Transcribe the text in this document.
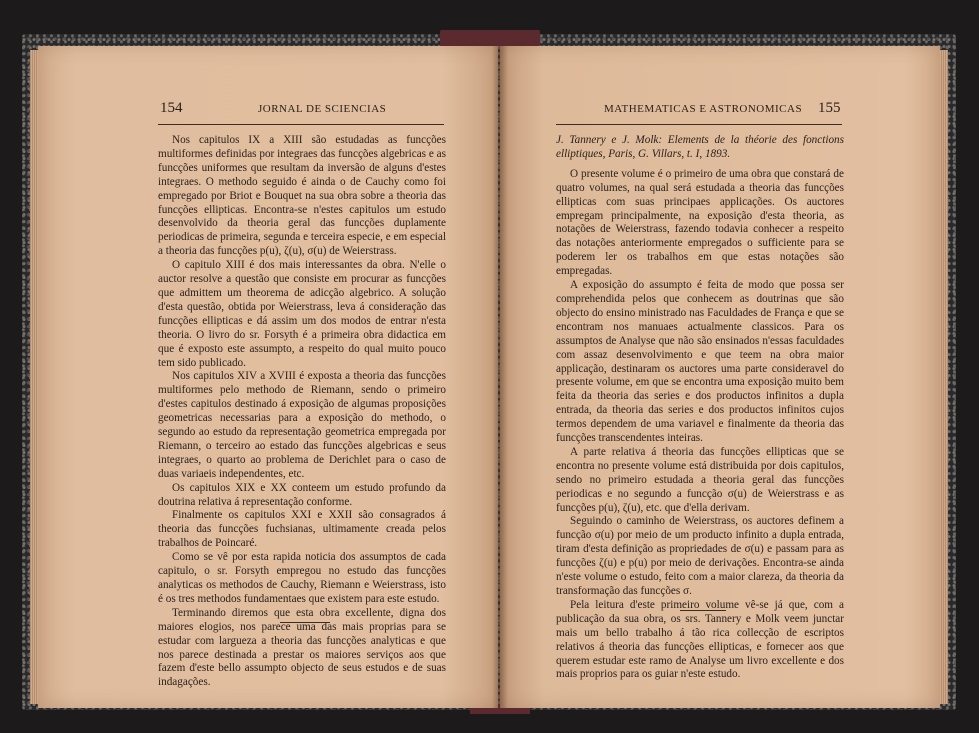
154	JORNAL DE SCIENCIAS	MATHEMATICAS E ASTRONOMICAS 155

Nos capitulos IX a XIII são estudadas as funcções multiformes definidas por integraes das funcções algebricas e as funcções uniformes que resultam da inversão de alguns d'estes integraes. O methodo seguido é ainda o de Cauchy como foi empregado por Briot e Bouquet na sua obra sobre a theoria das funcções ellipticas. Encontra-se n'estes capitulos um estudo desenvolvido da theoria geral das funcções duplamente periodicas de primeira, segunda e terceira especie, e em especial a theoria das funcções p(u), ζ(u), σ(u) de Weierstrass.

O capitulo XIII é dos mais interessantes da obra. N'elle o auctor resolve a questão que consiste em procurar as funcções que admittem um theorema de adicção algebrico. A solução d'esta questão, obtida por Weierstrass, leva á consideração das funcções ellipticas e dá assim um dos modos de entrar n'esta theoria. O livro do sr. Forsyth é a primeira obra didactica em que é exposto este assumpto, a respeito do qual muito pouco tem sido publicado.

Nos capitulos XIV a XVIII é exposta a theoria das funcções multiformes pelo methodo de Riemann, sendo o primeiro d'estes capitulos destinado á exposição de algumas proposições geometricas necessarias para a exposição do methodo, o segundo ao estudo da representação geometrica empregada por Riemann, o terceiro ao estado das funcções algebricas e seus integraes, o quarto ao problema de Derichlet para o caso de duas variaeis independentes, etc.

Os capitulos XIX e XX conteem um estudo profundo da doutrina relativa á representação conforme.

Finalmente os capitulos XXI e XXII são consagrados á theoria das funcções fuchsianas, ultimamente creada pelos trabalhos de Poincaré.

Como se vê por esta rapida noticia dos assumptos de cada capitulo, o sr. Forsyth empregou no estudo das funcções analyticas os methodos de Cauchy, Riemann e Weierstrass, isto é os tres methodos fundamentaes que existem para este estudo.

Terminando diremos que esta obra excellente, digna dos maiores elogios, nos parece uma das mais proprias para se estudar com largueza a theoria das funcções analyticas e que nos parece destinada a prestar os maiores serviços aos que fazem d'este bello assumpto objecto de seus estudos e de suas indagações.

J. Tannery e J. Molk: Elements de la théorie des fonctions elliptiques, Paris, G. Villars, t. I, 1893.

O presente volume é o primeiro de uma obra que constará de quatro volumes, na qual será estudada a theoria das funcções ellipticas com suas principaes applicações. Os auctores empregam principalmente, na exposição d'esta theoria, as notações de Weierstrass, fazendo todavia conhecer a respeito das notações anteriormente empregados o sufficiente para se poderem ler os trabalhos em que estas notações são empregadas.

A exposição do assumpto é feita de modo que possa ser comprehendida pelos que conhecem as doutrinas que são objecto do ensino ministrado nas Faculdades de França e que se encontram nos manuaes actualmente classicos. Para os assumptos de Analyse que não são ensinados n'essas faculdades com assaz desenvolvimento e que teem na obra maior applicação, destinaram os auctores uma parte consideravel do presente volume, em que se encontra uma exposição muito bem feita da theoria das series e dos productos infinitos a dupla entrada, da theoria das series e dos productos infinitos cujos termos dependem de uma variavel e finalmente da theoria das funcções transcendentes inteiras.

A parte relativa á theoria das funcções ellipticas que se encontra no presente volume está distribuida por dois capitulos, sendo no primeiro estudada a theoria geral das funcções periodicas e no segundo a funcção σ(u) de Weierstrass e as funcções p(u), ζ(u), etc. que d'ella derivam.

Seguindo o caminho de Weierstrass, os auctores definem a funcção σ(u) por meio de um producto infinito a dupla entrada, tiram d'esta definição as propriedades de σ(u) e passam para as funcções ζ(u) e p(u) por meio de derivações. Encontra-se ainda n'este volume o estudo, feito com a maior clareza, da theoria da transformação das funcções σ.

Pela leitura d'este primeiro volume vê-se já que, com a publicação da sua obra, os srs. Tannery e Molk veem junctar mais um bello trabalho á tão rica collecção de escriptos relativos á theoria das funcções ellipticas, e fornecer aos que querem estudar este ramo de Analyse um livro excellente e dos mais proprios para os guiar n'este estudo.
